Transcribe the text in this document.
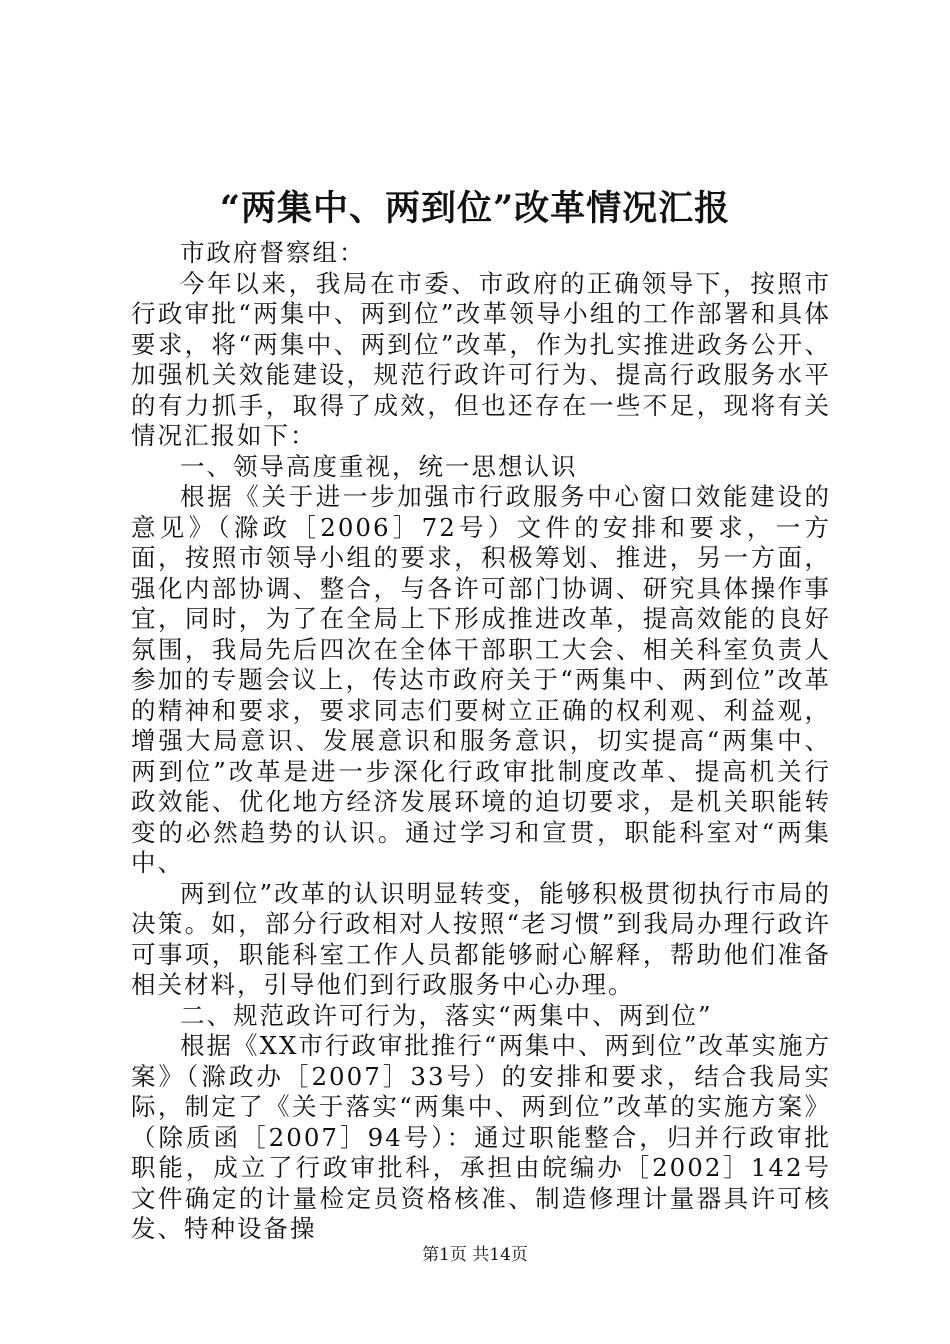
“两集中、两到位”改革情况汇报

市政府督察组：

今年以来，我局在市委、市政府的正确领导下，按照市行政审批“两集中、两到位”改革领导小组的工作部署和具体要求，将“两集中、两到位”改革，作为扎实推进政务公开、加强机关效能建设，规范行政许可行为、提高行政服务水平的有力抓手，取得了成效，但也还存在一些不足，现将有关情况汇报如下：

一、领导高度重视，统一思想认识

根据《关于进一步加强市行政服务中心窗口效能建设的意见》（滁政［2006］72号）文件的安排和要求，一方面，按照市领导小组的要求，积极筹划、推进，另一方面，强化内部协调、整合，与各许可部门协调、研究具体操作事宜，同时，为了在全局上下形成推进改革，提高效能的良好氛围，我局先后四次在全体干部职工大会、相关科室负责人参加的专题会议上，传达市政府关于“两集中、两到位”改革的精神和要求，要求同志们要树立正确的权利观、利益观，增强大局意识、发展意识和服务意识，切实提高“两集中、两到位”改革是进一步深化行政审批制度改革、提高机关行政效能、优化地方经济发展环境的迫切要求，是机关职能转变的必然趋势的认识。通过学习和宣贯，职能科室对“两集中、

两到位”改革的认识明显转变，能够积极贯彻执行市局的决策。如，部分行政相对人按照“老习惯”到我局办理行政许可事项，职能科室工作人员都能够耐心解释，帮助他们准备相关材料，引导他们到行政服务中心办理。

二、规范政许可行为，落实“两集中、两到位”

根据《XX市行政审批推行“两集中、两到位”改革实施方案》（滁政办［2007］33号）的安排和要求，结合我局实际，制定了《关于落实“两集中、两到位”改革的实施方案》（除质函［2007］94号）：通过职能整合，归并行政审批职能，成立了行政审批科，承担由皖编办［2002］142号文件确定的计量检定员资格核准、制造修理计量器具许可核发、特种设备操

第1页 共14页
